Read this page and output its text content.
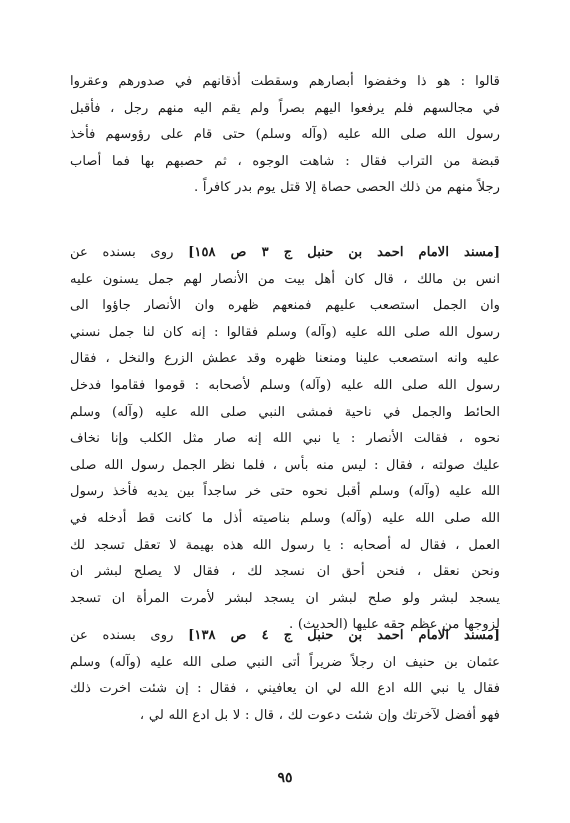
قالوا : هو ذا وخفضوا أبصارهم وسقطت أذقانهم في صدورهم وعقروا
في مجالسهم فلم يرفعوا اليهم بصراً ولم يقم اليه منهم رجل ، فأقبل
رسول الله صلى الله عليه (وآله وسلم) حتى قام على رؤوسهم فأخذ
قبضة من التراب فقال : شاهت الوجوه ، ثم حصبهم بها فما أصاب
رجلاً منهم من ذلك الحصى حصاة إلا قتل يوم بدر كافراً .
[مسند الامام احمد بن حنبل ج ٣ ص ١٥٨] روى بسنده عن
انس بن مالك ، قال كان أهل بيت من الأنصار لهم جمل يسنون عليه
وان الجمل استصعب عليهم فمنعهم ظهره وان الأنصار جاؤوا الى
رسول الله صلى الله عليه (وآله) وسلم فقالوا : إنه كان لنا جمل نسني
عليه وانه استصعب علينا ومنعنا ظهره وقد عطش الزرع والنخل ، فقال
رسول الله صلى الله عليه (وآله) وسلم لأصحابه : قوموا فقاموا فدخل
الحائط والجمل في ناحية فمشى النبي صلى الله عليه (وآله) وسلم
نحوه ، فقالت الأنصار : يا نبي الله إنه صار مثل الكلب وإنا نخاف
عليك صولته ، فقال : ليس منه بأس ، فلما نظر الجمل رسول الله صلى
الله عليه (وآله) وسلم أقبل نحوه حتى خر ساجداً بين يديه فأخذ رسول
الله صلى الله عليه (وآله) وسلم بناصيته أذل ما كانت قط أدخله في
العمل ، فقال له أصحابه : يا رسول الله هذه بهيمة لا تعقل تسجد لك
ونحن نعقل ، فنحن أحق ان نسجد لك ، فقال لا يصلح لبشر ان
يسجد لبشر ولو صلح لبشر ان يسجد لبشر لأمرت المرأة ان تسجد
لزوجها من عظم حقه عليها (الحديث) .
[مسند الامام احمد بن حنبل ج ٤ ص ١٣٨] روى بسنده عن
عثمان بن حنيف ان رجلاً ضريراً أتى النبي صلى الله عليه (وآله) وسلم
فقال يا نبي الله ادع الله لي ان يعافيني ، فقال : إن شئت اخرت ذلك
فهو أفضل لآخرتك وإن شئت دعوت لك ، قال : لا بل ادع الله لي ،
٩٥
